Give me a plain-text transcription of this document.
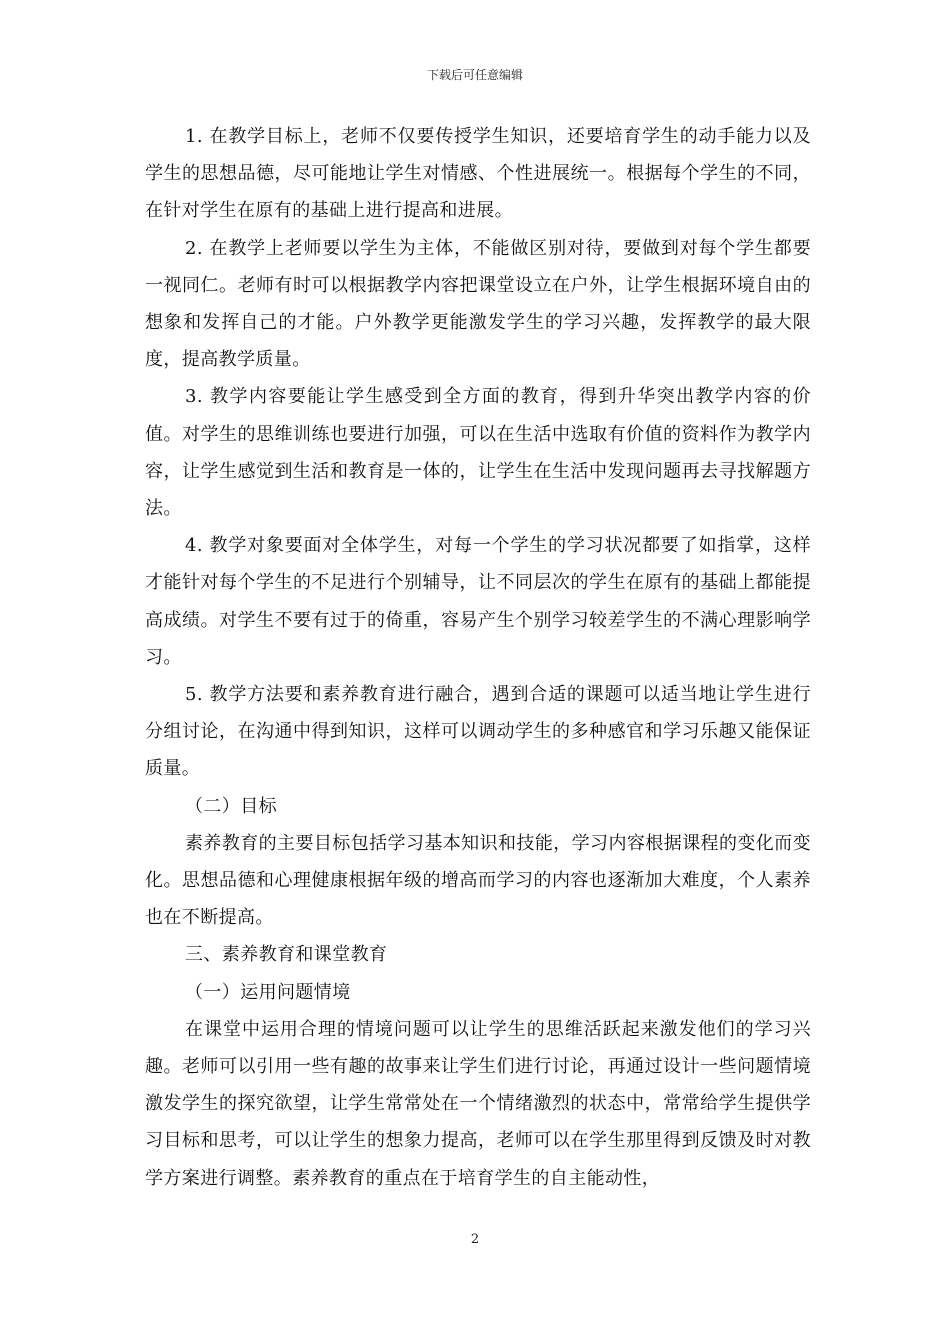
下载后可任意编辑

1. 在教学目标上，老师不仅要传授学生知识，还要培育学生的动手能力以及学生的思想品德，尽可能地让学生对情感、个性进展统一。根据每个学生的不同，在针对学生在原有的基础上进行提高和进展。

2. 在教学上老师要以学生为主体，不能做区别对待，要做到对每个学生都要一视同仁。老师有时可以根据教学内容把课堂设立在户外，让学生根据环境自由的想象和发挥自己的才能。户外教学更能激发学生的学习兴趣，发挥教学的最大限度，提高教学质量。

3. 教学内容要能让学生感受到全方面的教育，得到升华突出教学内容的价值。对学生的思维训练也要进行加强，可以在生活中选取有价值的资料作为教学内容，让学生感觉到生活和教育是一体的，让学生在生活中发现问题再去寻找解题方法。

4. 教学对象要面对全体学生，对每一个学生的学习状况都要了如指掌，这样才能针对每个学生的不足进行个别辅导，让不同层次的学生在原有的基础上都能提高成绩。对学生不要有过于的倚重，容易产生个别学习较差学生的不满心理影响学习。

5. 教学方法要和素养教育进行融合，遇到合适的课题可以适当地让学生进行分组讨论，在沟通中得到知识，这样可以调动学生的多种感官和学习乐趣又能保证质量。

（二）目标

素养教育的主要目标包括学习基本知识和技能，学习内容根据课程的变化而变化。思想品德和心理健康根据年级的增高而学习的内容也逐渐加大难度，个人素养也在不断提高。

三、素养教育和课堂教育

（一）运用问题情境

在课堂中运用合理的情境问题可以让学生的思维活跃起来激发他们的学习兴趣。老师可以引用一些有趣的故事来让学生们进行讨论，再通过设计一些问题情境激发学生的探究欲望，让学生常常处在一个情绪激烈的状态中，常常给学生提供学习目标和思考，可以让学生的想象力提高，老师可以在学生那里得到反馈及时对教学方案进行调整。素养教育的重点在于培育学生的自主能动性，

2
